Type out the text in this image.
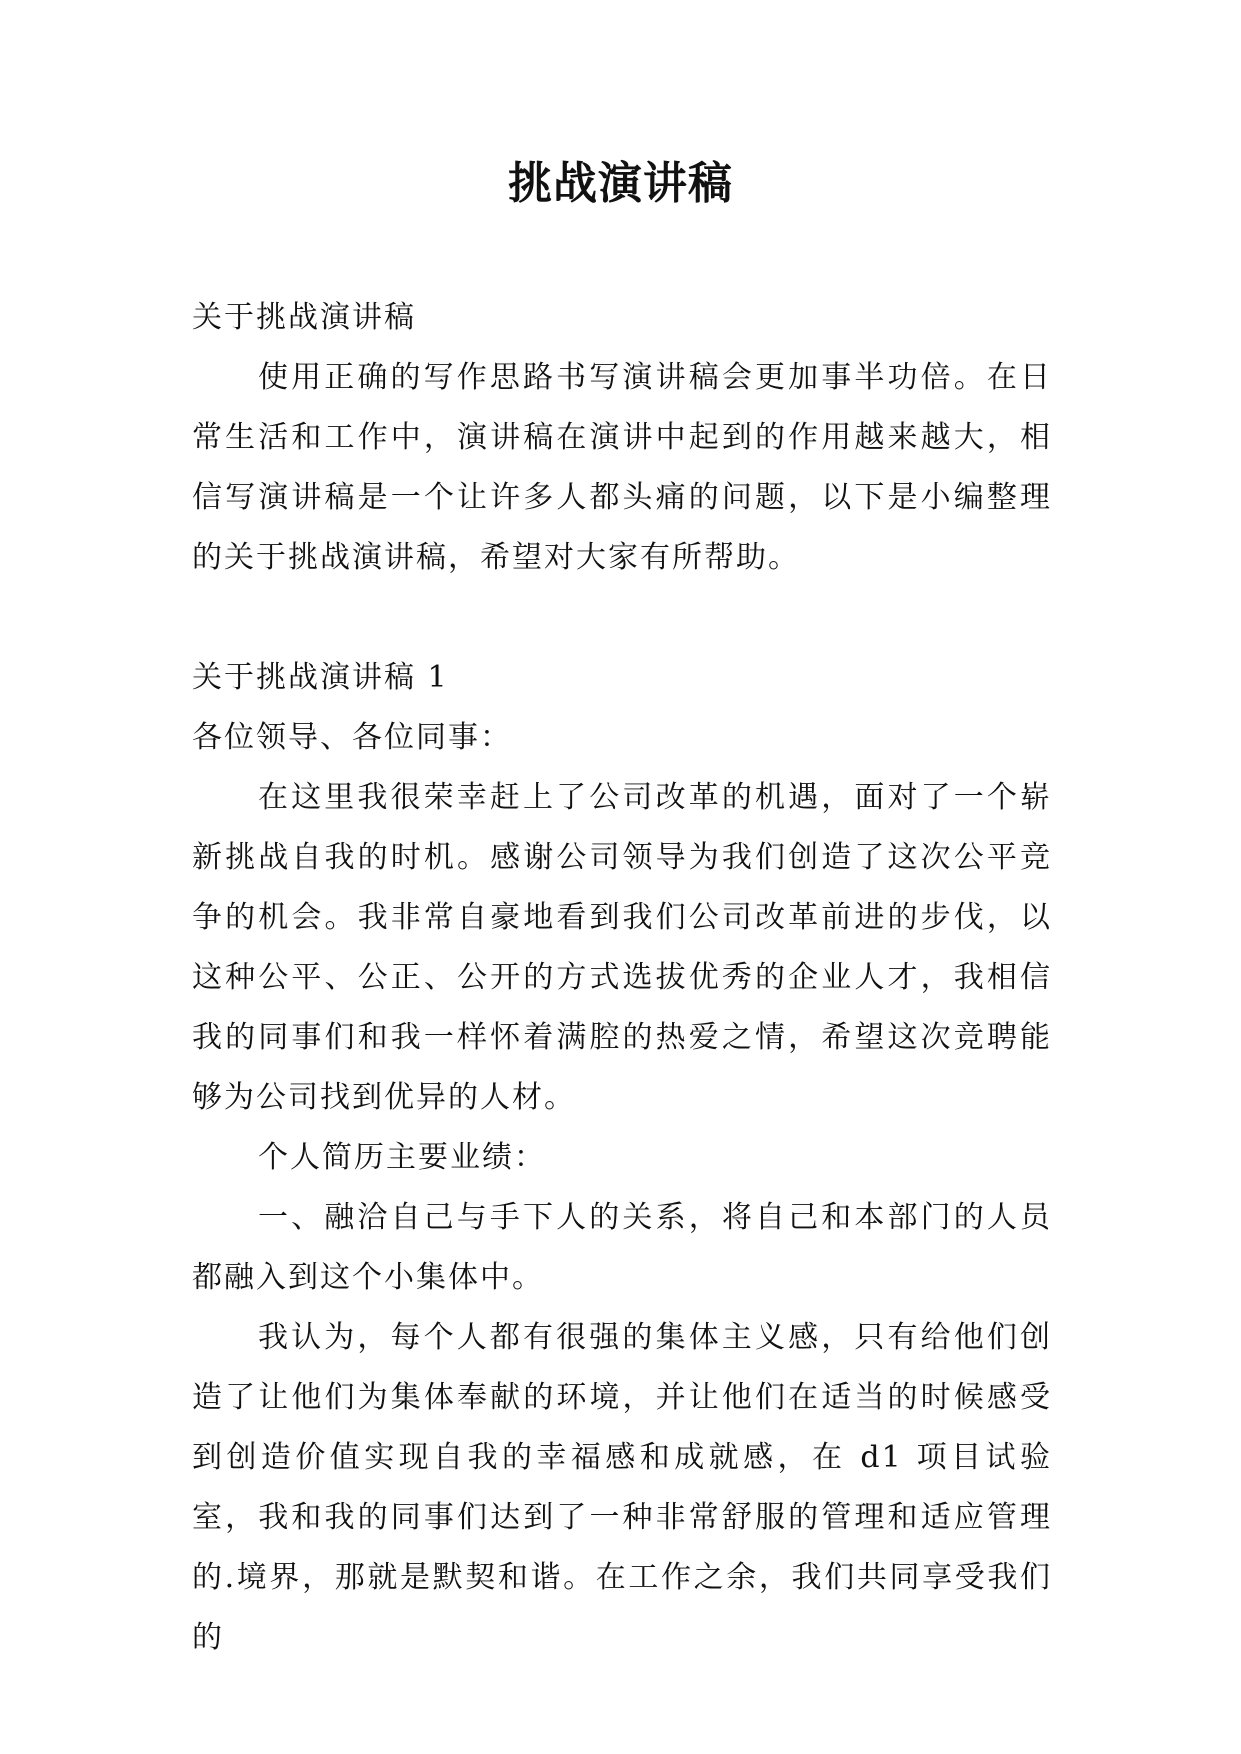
挑战演讲稿

关于挑战演讲稿

使用正确的写作思路书写演讲稿会更加事半功倍。在日常生活和工作中，演讲稿在演讲中起到的作用越来越大，相信写演讲稿是一个让许多人都头痛的问题，以下是小编整理的关于挑战演讲稿，希望对大家有所帮助。

关于挑战演讲稿 1

各位领导、各位同事：

在这里我很荣幸赶上了公司改革的机遇，面对了一个崭新挑战自我的时机。感谢公司领导为我们创造了这次公平竞争的机会。我非常自豪地看到我们公司改革前进的步伐，以这种公平、公正、公开的方式选拔优秀的企业人才，我相信我的同事们和我一样怀着满腔的热爱之情，希望这次竞聘能够为公司找到优异的人材。

个人简历主要业绩：

一、融洽自己与手下人的关系，将自己和本部门的人员都融入到这个小集体中。

我认为，每个人都有很强的集体主义感，只有给他们创造了让他们为集体奉献的环境，并让他们在适当的时候感受到创造价值实现自我的幸福感和成就感，在 d1 项目试验室，我和我的同事们达到了一种非常舒服的管理和适应管理的.境界，那就是默契和谐。在工作之余，我们共同享受我们的
